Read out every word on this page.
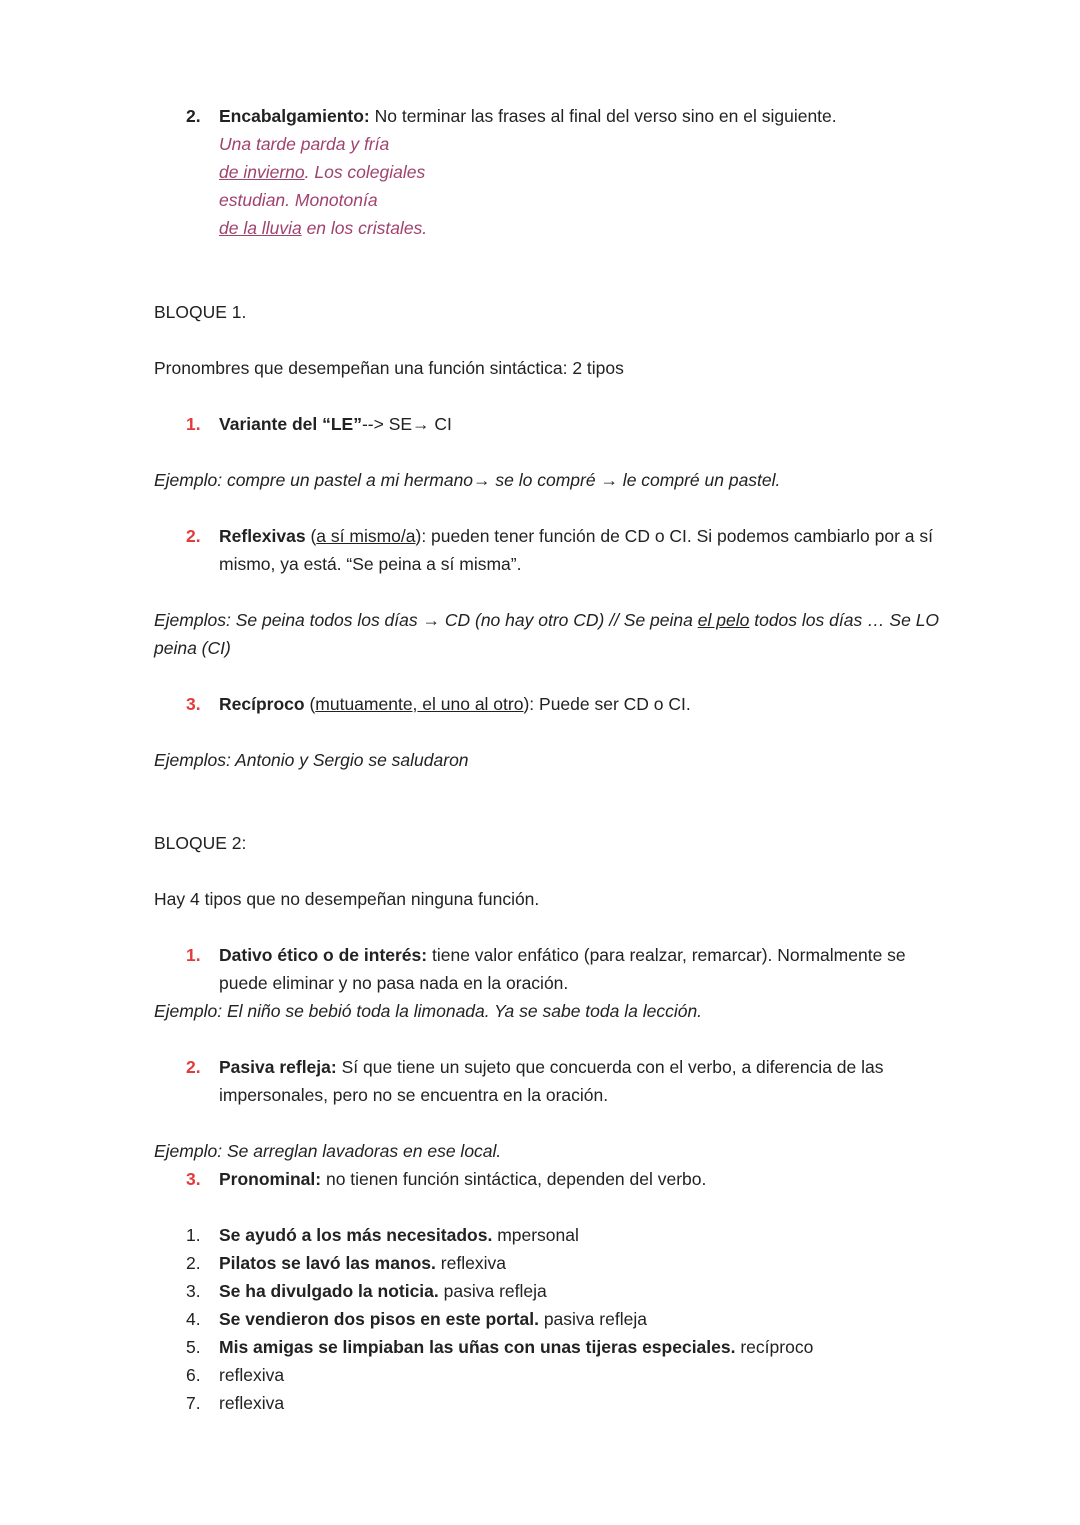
2. Encabalgamiento: No terminar las frases al final del verso sino en el siguiente.
Una tarde parda y fría
de invierno. Los colegiales
estudian. Monotonía
de la lluvia en los cristales.
BLOQUE 1.
Pronombres que desempeñan una función sintáctica: 2 tipos
1. Variante del “LE”--> SE→ CI
Ejemplo: compre un pastel a mi hermano→ se lo compré → le compré un pastel.
2. Reflexivas (a sí mismo/a): pueden tener función de CD o CI. Si podemos cambiarlo por a sí
mismo, ya está. “Se peina a sí misma”.
Ejemplos: Se peina todos los días → CD (no hay otro CD) // Se peina el pelo todos los días … Se LO
peina (CI)
3. Recíproco (mutuamente, el uno al otro): Puede ser CD o CI.
Ejemplos: Antonio y Sergio se saludaron
BLOQUE 2:
Hay 4 tipos que no desempeñan ninguna función.
1. Dativo ético o de interés: tiene valor enfático (para realzar, remarcar). Normalmente se
puede eliminar y no pasa nada en la oración.
Ejemplo: El niño se bebió toda la limonada. Ya se sabe toda la lección.
2. Pasiva refleja: Sí que tiene un sujeto que concuerda con el verbo, a diferencia de las
impersonales, pero no se encuentra en la oración.
Ejemplo: Se arreglan lavadoras en ese local.
3. Pronominal: no tienen función sintáctica, dependen del verbo.
1. Se ayudó a los más necesitados. mpersonal
2. Pilatos se lavó las manos. reflexiva
3. Se ha divulgado la noticia. pasiva refleja
4. Se vendieron dos pisos en este portal. pasiva refleja
5. Mis amigas se limpiaban las uñas con unas tijeras especiales. recíproco
6. reflexiva
7. reflexiva
